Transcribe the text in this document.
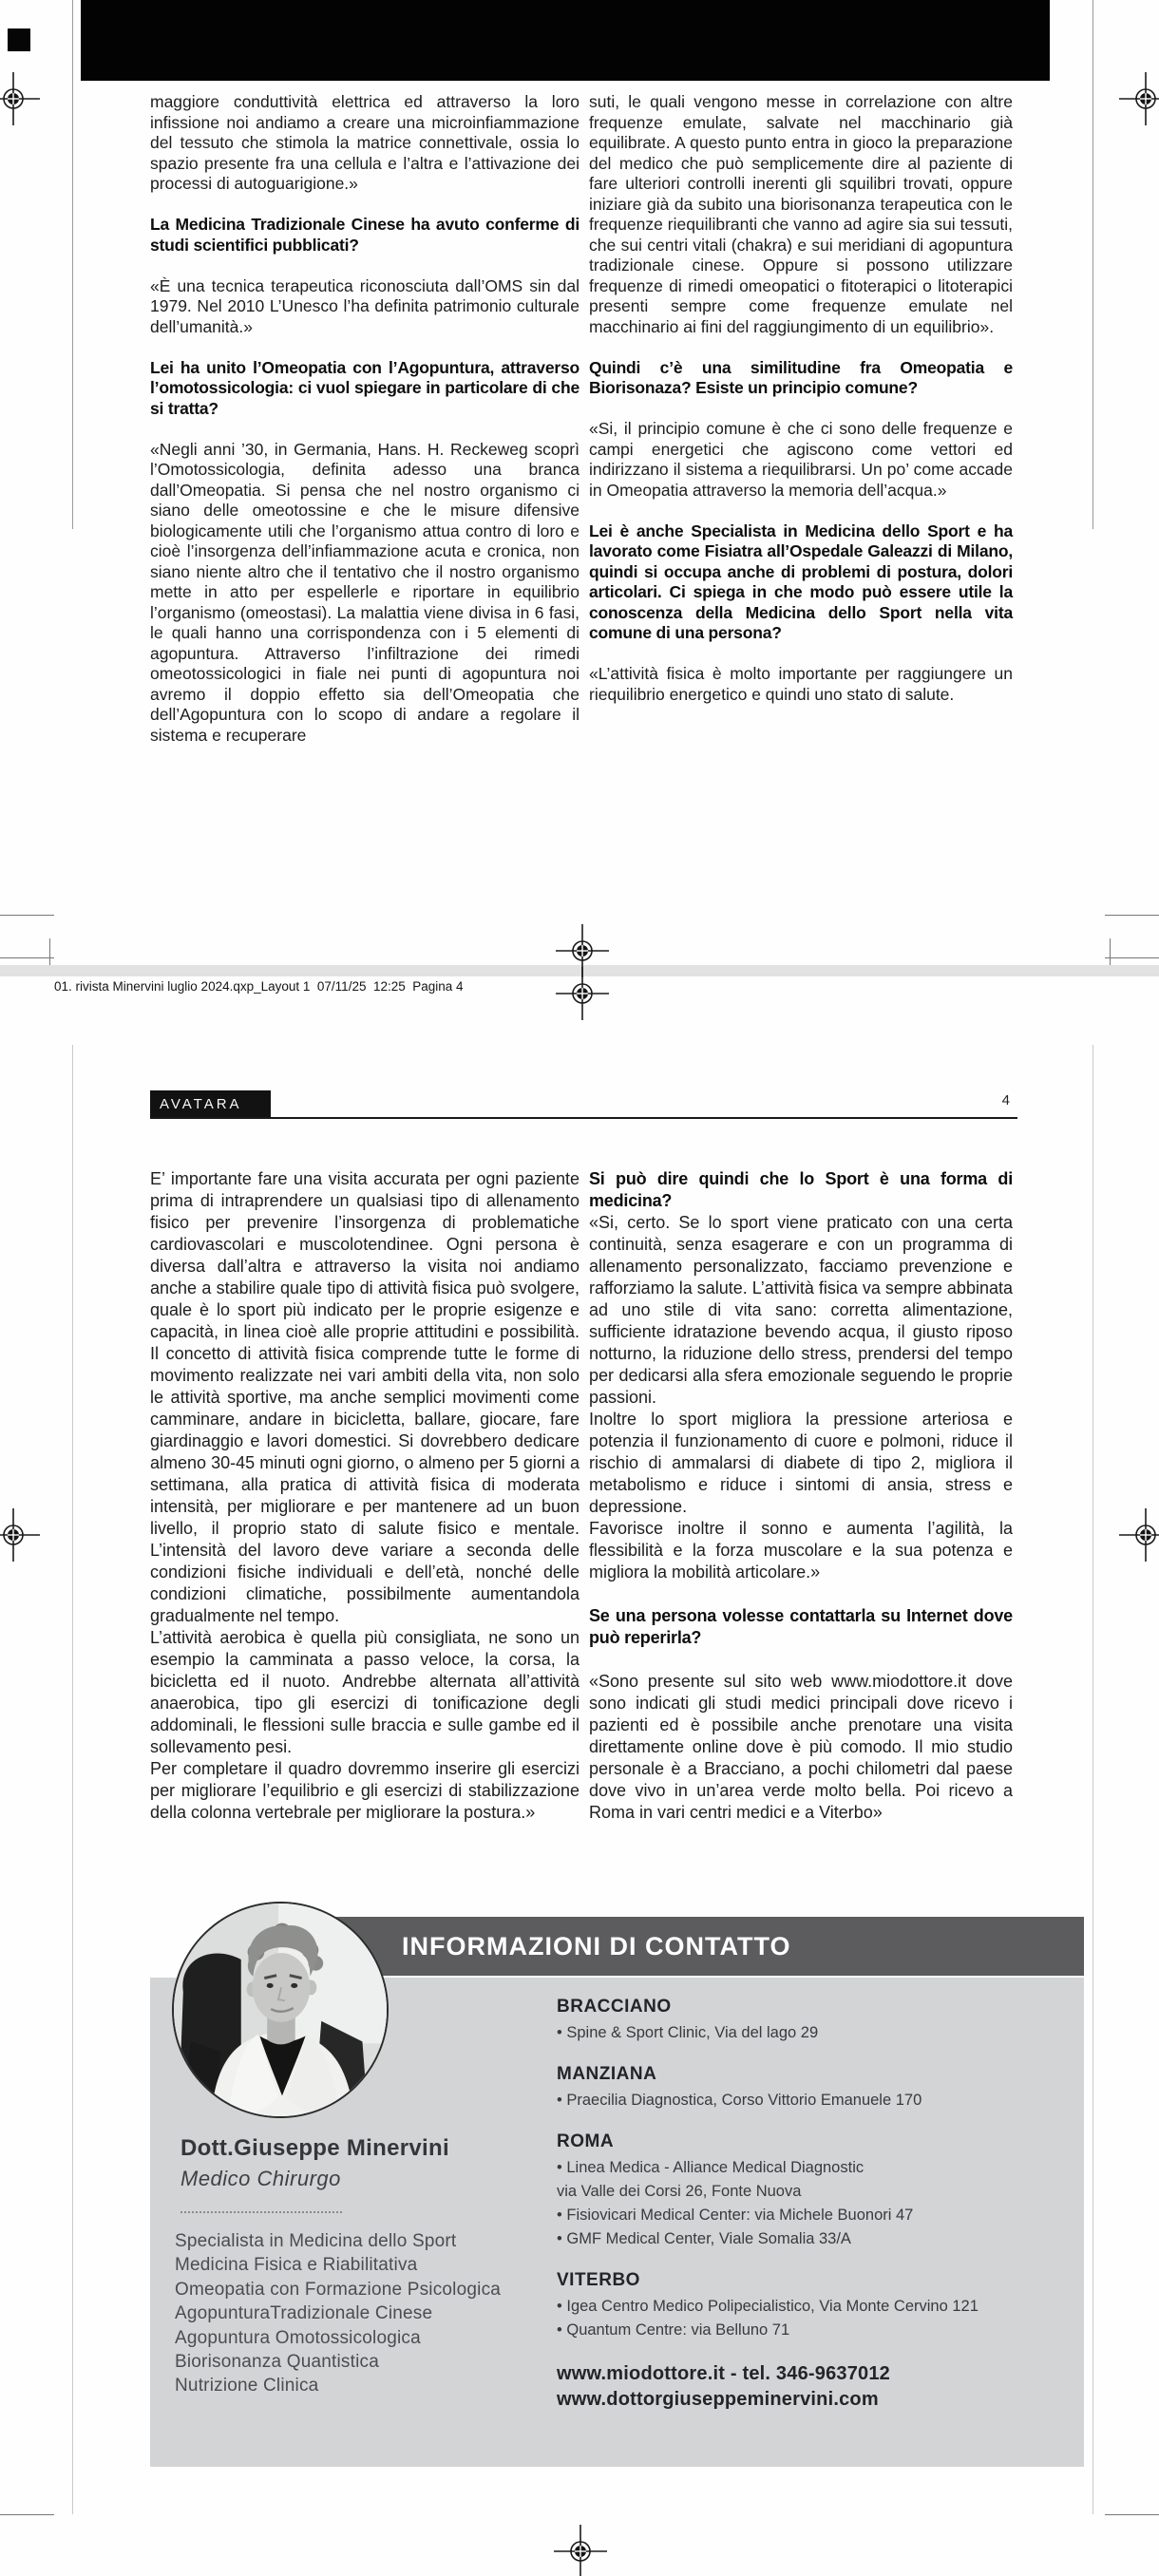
maggiore conduttività elettrica ed attraverso la loro infissione noi andiamo a creare una microinfiammazione del tessuto che stimola la matrice connettivale, ossia lo spazio presente fra una cellula e l’altra e l’attivazione dei processi di autoguarigione.»

La Medicina Tradizionale Cinese ha avuto conferme di studi scientifici pubblicati?

«È una tecnica terapeutica riconosciuta dall’OMS sin dal 1979. Nel 2010 L’Unesco l’ha definita patrimonio culturale dell’umanità.»

Lei ha unito l’Omeopatia con l’Agopuntura, attraverso l’omotossicologia: ci vuol spiegare in particolare di che si tratta?

«Negli anni ’30, in Germania, Hans. H. Reckeweg scoprì l’Omotossicologia, definita adesso una branca dall’Omeopatia. Si pensa che nel nostro organismo ci siano delle omeotossine e che le misure difensive biologicamente utili che l’organismo attua contro di loro e cioè l’insorgenza dell’infiammazione acuta e cronica, non siano niente altro che il tentativo che il nostro organismo mette in atto per espellerle e riportare in equilibrio l’organismo (omeostasi). La malattia viene divisa in 6 fasi, le quali hanno una corrispondenza con i 5 elementi di agopuntura. Attraverso l’infiltrazione dei rimedi omeotossicologici in fiale nei punti di agopuntura noi avremo il doppio effetto sia dell’Omeopatia che dell’Agopuntura con lo scopo di andare a regolare il sistema e recuperare

suti, le quali vengono messe in correlazione con altre frequenze emulate, salvate nel macchinario già equilibrate. A questo punto entra in gioco la preparazione del medico che può semplicemente dire al paziente di fare ulteriori controlli inerenti gli squilibri trovati, oppure iniziare già da subito una biorisonanza terapeutica con le frequenze riequilibranti che vanno ad agire sia sui tessuti, che sui centri vitali (chakra) e sui meridiani di agopuntura tradizionale cinese. Oppure si possono utilizzare frequenze di rimedi omeopatici o fitoterapici o litoterapici presenti sempre come frequenze emulate nel macchinario ai fini del raggiungimento di un equilibrio».

Quindi c’è una similitudine fra Omeopatia e Biorisonaza? Esiste un principio comune?

«Si, il principio comune è che ci sono delle frequenze e campi energetici che agiscono come vettori ed indirizzano il sistema a riequilibrarsi. Un po’ come accade in Omeopatia attraverso la memoria dell’acqua.»

Lei è anche Specialista in Medicina dello Sport e ha lavorato come Fisiatra all’Ospedale Galeazzi di Milano, quindi si occupa anche di problemi di postura, dolori articolari. Ci spiega in che modo può essere utile la conoscenza della Medicina dello Sport nella vita comune di una persona?

«L’attività fisica è molto importante per raggiungere un riequilibrio energetico e quindi uno stato di salute.

01. rivista Minervini luglio 2024.qxp_Layout 1  07/11/25  12:25  Pagina 4
AVATARA	4

E’ importante fare una visita accurata per ogni paziente prima di intraprendere un qualsiasi tipo di allenamento fisico per prevenire l’insorgenza di problematiche cardiovascolari e muscolotendinee. Ogni persona è diversa dall’altra e attraverso la visita noi andiamo anche a stabilire quale tipo di attività fisica può svolgere, quale è lo sport più indicato per le proprie esigenze e capacità, in linea cioè alle proprie attitudini e possibilità. Il concetto di attività fisica comprende tutte le forme di movimento realizzate nei vari ambiti della vita, non solo le attività sportive, ma anche semplici movimenti come camminare, andare in bicicletta, ballare, giocare, fare giardinaggio e lavori domestici. Si dovrebbero dedicare almeno 30-45 minuti ogni giorno, o almeno per 5 giorni a settimana, alla pratica di attività fisica di moderata intensità, per migliorare e per mantenere ad un buon livello, il proprio stato di salute fisico e mentale. L’intensità del lavoro deve variare a seconda delle condizioni fisiche individuali e dell’età, nonché delle condizioni climatiche, possibilmente aumentandola gradualmente nel tempo.

L’attività aerobica è quella più consigliata, ne sono un esempio la camminata a passo veloce, la corsa, la bicicletta ed il nuoto. Andrebbe alternata all’attività anaerobica, tipo gli esercizi di tonificazione degli addominali, le flessioni sulle braccia e sulle gambe ed il sollevamento pesi.

Per completare il quadro dovremmo inserire gli esercizi per migliorare l’equilibrio e gli esercizi di stabilizzazione della colonna vertebrale per migliorare la postura.»

Si può dire quindi che lo Sport è una forma di medicina?

«Si, certo. Se lo sport viene praticato con una certa continuità, senza esagerare e con un programma di allenamento personalizzato, facciamo prevenzione e rafforziamo la salute. L’attività fisica va sempre abbinata ad uno stile di vita sano: corretta alimentazione, sufficiente idratazione bevendo acqua, il giusto riposo notturno, la riduzione dello stress, prendersi del tempo per dedicarsi alla sfera emozionale seguendo le proprie passioni.

Inoltre lo sport migliora la pressione arteriosa e potenzia il funzionamento di cuore e polmoni, riduce il rischio di ammalarsi di diabete di tipo 2, migliora il metabolismo e riduce i sintomi di ansia, stress e depressione.

Favorisce inoltre il sonno e aumenta l’agilità, la flessibilità e la forza muscolare e la sua potenza e migliora la mobilità articolare.»

Se una persona volesse contattarla su Internet dove può reperirla?

«Sono presente sul sito web www.miodottore.it dove sono indicati gli studi medici principali dove ricevo i pazienti ed è possibile anche prenotare una visita direttamente online dove è più comodo. Il mio studio personale è a Bracciano, a pochi chilometri dal paese dove vivo in un’area verde molto bella. Poi ricevo a Roma in vari centri medici e a Viterbo»

INFORMAZIONI DI CONTATTO
Dott.Giuseppe Minervini
Medico Chirurgo
Specialista in Medicina dello Sport
Medicina Fisica e Riabilitativa
Omeopatia con Formazione Psicologica
AgopunturaTradizionale Cinese
Agopuntura Omotossicologica
Biorisonanza Quantistica
Nutrizione Clinica
BRACCIANO
• Spine & Sport Clinic, Via del lago 29
MANZIANA
• Praecilia Diagnostica, Corso Vittorio Emanuele 170
ROMA
• Linea Medica - Alliance Medical Diagnostic
via Valle dei Corsi 26, Fonte Nuova
• Fisiovicari Medical Center: via Michele Buonori 47
• GMF Medical Center, Viale Somalia 33/A
VITERBO
• Igea Centro Medico Polipecialistico, Via Monte Cervino 121
• Quantum Centre: via Belluno 71
www.miodottore.it - tel. 346-9637012
www.dottorgiuseppeminervini.com
